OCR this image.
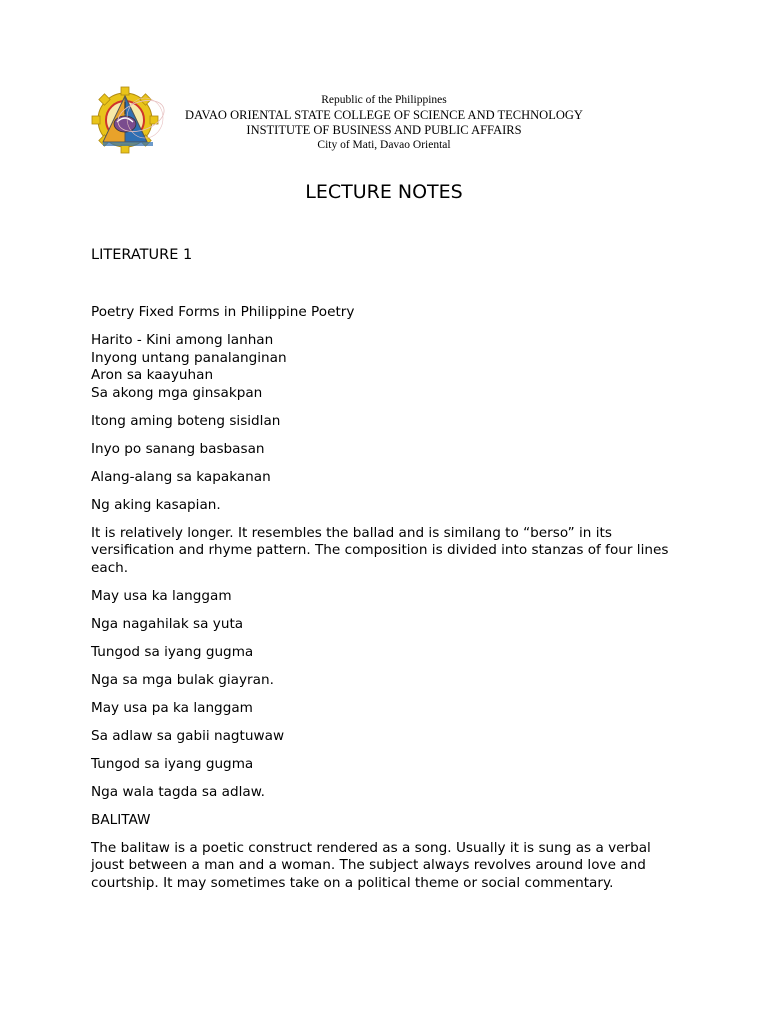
Republic of the Philippines
DAVAO ORIENTAL STATE COLLEGE OF SCIENCE AND TECHNOLOGY
INSTITUTE OF BUSINESS AND PUBLIC AFFAIRS
City of Mati, Davao Oriental
LECTURE NOTES
LITERATURE 1
Poetry Fixed Forms in Philippine Poetry
Harito - Kini among lanhan
Inyong untang panalanginan
Aron sa kaayuhan
Sa akong mga ginsakpan
Itong aming boteng sisidlan
Inyo po sanang basbasan
Alang-alang sa kapakanan
Ng aking kasapian.
It is relatively longer. It resembles the ballad and is similang to “berso” in its versification and rhyme pattern. The composition is divided into stanzas of four lines each.
May usa ka langgam
Nga nagahilak sa yuta
Tungod sa iyang gugma
Nga sa mga bulak giayran.
May usa pa ka langgam
Sa adlaw sa gabii nagtuwaw
Tungod sa iyang gugma
Nga wala tagda sa adlaw.
BALITAW
The balitaw is a poetic construct rendered as a song. Usually it is sung as a verbal joust between a man and a woman. The subject always revolves around love and courtship. It may sometimes take on a political theme or social commentary.
